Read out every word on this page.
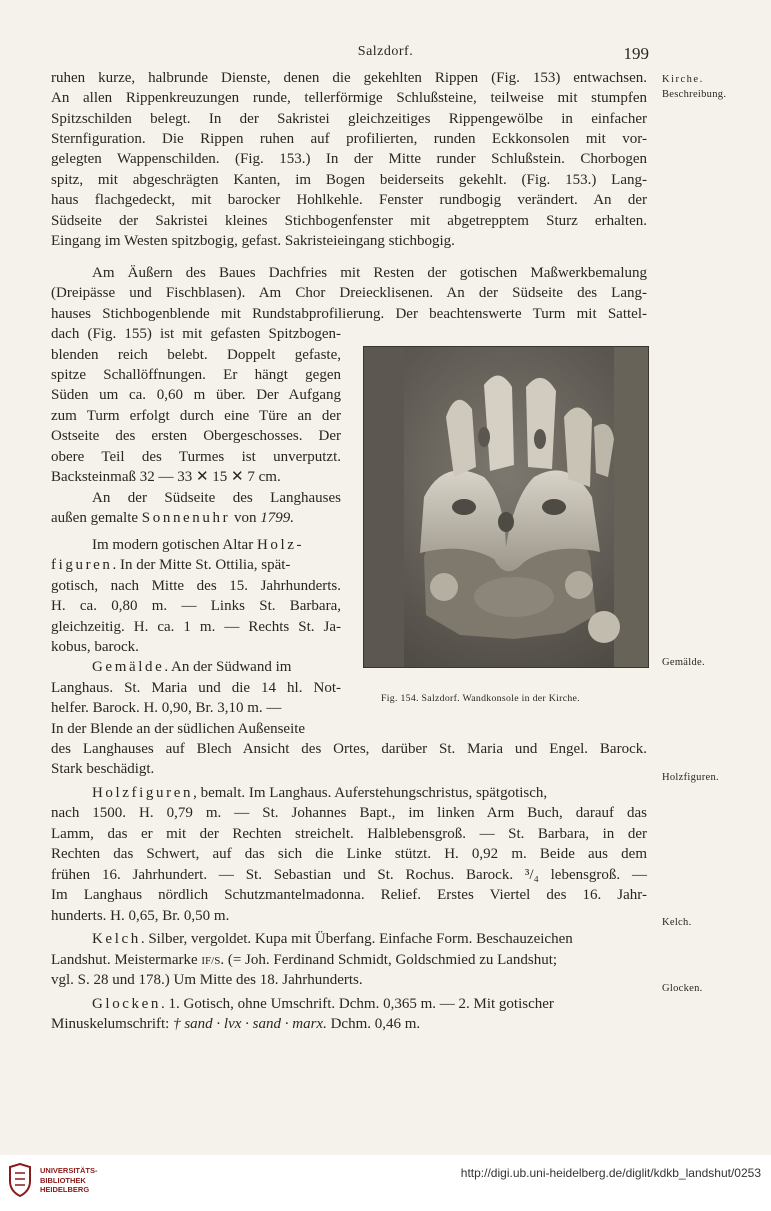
Salzdorf.	199
ruhen kurze, halbrunde Dienste, denen die gekehlten Rippen (Fig. 153) entwachsen.
An allen Rippenkreuzungen runde, tellerförmige Schlußsteine, teilweise mit stumpfen
Spitzschilden belegt. In der Sakristei gleichzeitiges Rippengewölbe in einfacher
Sternfiguration. Die Rippen ruhen auf profilierten, runden Eckkonsolen mit vor-
gelegten Wappenschilden. (Fig. 153.) In der Mitte runder Schlußstein. Chorbogen
spitz, mit abgeschrägten Kanten, im Bogen beiderseits gekehlt. (Fig. 153.) Lang-
haus flachgedeckt, mit barocker Hohlkehle. Fenster rundbogig verändert. An der
Südseite der Sakristei kleines Stichbogenfenster mit abgetrepptem Sturz erhalten.
Eingang im Westen spitzbogig, gefast. Sakristeieingang stichbogig.
Am Äußern des Baues Dachfries mit Resten der gotischen Maßwerkbemalung
(Dreipässe und Fischblasen). Am Chor Dreiecklisenen. An der Südseite des Lang-
hauses Stichbogenblende mit Rundstabprofilierung. Der beachtenswerte Turm mit Sattel-
dach (Fig. 155) ist mit gefasten Spitzbogen-
blenden reich belebt. Doppelt gefaste,
spitze Schallöffnungen. Er hängt gegen
Süden um ca. 0,60 m über. Der Aufgang
zum Turm erfolgt durch eine Türe an der
Ostseite des ersten Obergeschosses. Der
obere Teil des Turmes ist unverputzt.
Backsteinmaß 32 — 33 ✕ 15 ✕ 7 cm.
An der Südseite des Langhauses
außen gemalte Sonnenuhr von 1799.
Im modern gotischen Altar Holz-
figuren. In der Mitte St. Ottilia, spät-
gotisch, nach Mitte des 15. Jahrhunderts.
H. ca. 0,80 m. — Links St. Barbara,
gleichzeitig. H. ca. 1 m. — Rechts St. Ja-
kobus, barock.
Gemälde. An der Südwand im
Langhaus. St. Maria und die 14 hl. Not-
helfer. Barock. H. 0,90, Br. 3,10 m. —
In der Blende an der südlichen Außenseite
des Langhauses auf Blech Ansicht des Ortes, darüber St. Maria und Engel. Barock.
Stark beschädigt.
Holzfiguren, bemalt. Im Langhaus. Auferstehungschristus, spätgotisch,
nach 1500. H. 0,79 m. — St. Johannes Bapt., im linken Arm Buch, darauf das
Lamm, das er mit der Rechten streichelt. Halblebensgroß. — St. Barbara, in der
Rechten das Schwert, auf das sich die Linke stützt. H. 0,92 m. Beide aus dem
frühen 16. Jahrhundert. — St. Sebastian und St. Rochus. Barock. ³/₄ lebensgroß. —
Im Langhaus nördlich Schutzmantelmadonna. Relief. Erstes Viertel des 16. Jahr-
hunderts. H. 0,65, Br. 0,50 m.
Kelch. Silber, vergoldet. Kupa mit Überfang. Einfache Form. Beschauzeichen
Landshut. Meistermarke IF/S. (= Joh. Ferdinand Schmidt, Goldschmied zu Landshut;
vgl. S. 28 und 178.) Um Mitte des 18. Jahrhunderts.
Glocken. 1. Gotisch, ohne Umschrift. Dchm. 0,365 m. — 2. Mit gotischer
Minuskelumschrift: † sand · lvx · sand · marx. Dchm. 0,46 m.
Kirche.
Beschreibung.
Gemälde.
Holzfiguren.
Kelch.
Glocken.
Fig. 154. Salzdorf. Wandkonsole in der Kirche.
UNIVERSITÄTS-
BIBLIOTHEK
HEIDELBERG
http://digi.ub.uni-heidelberg.de/diglit/kdkb_landshut/0253
